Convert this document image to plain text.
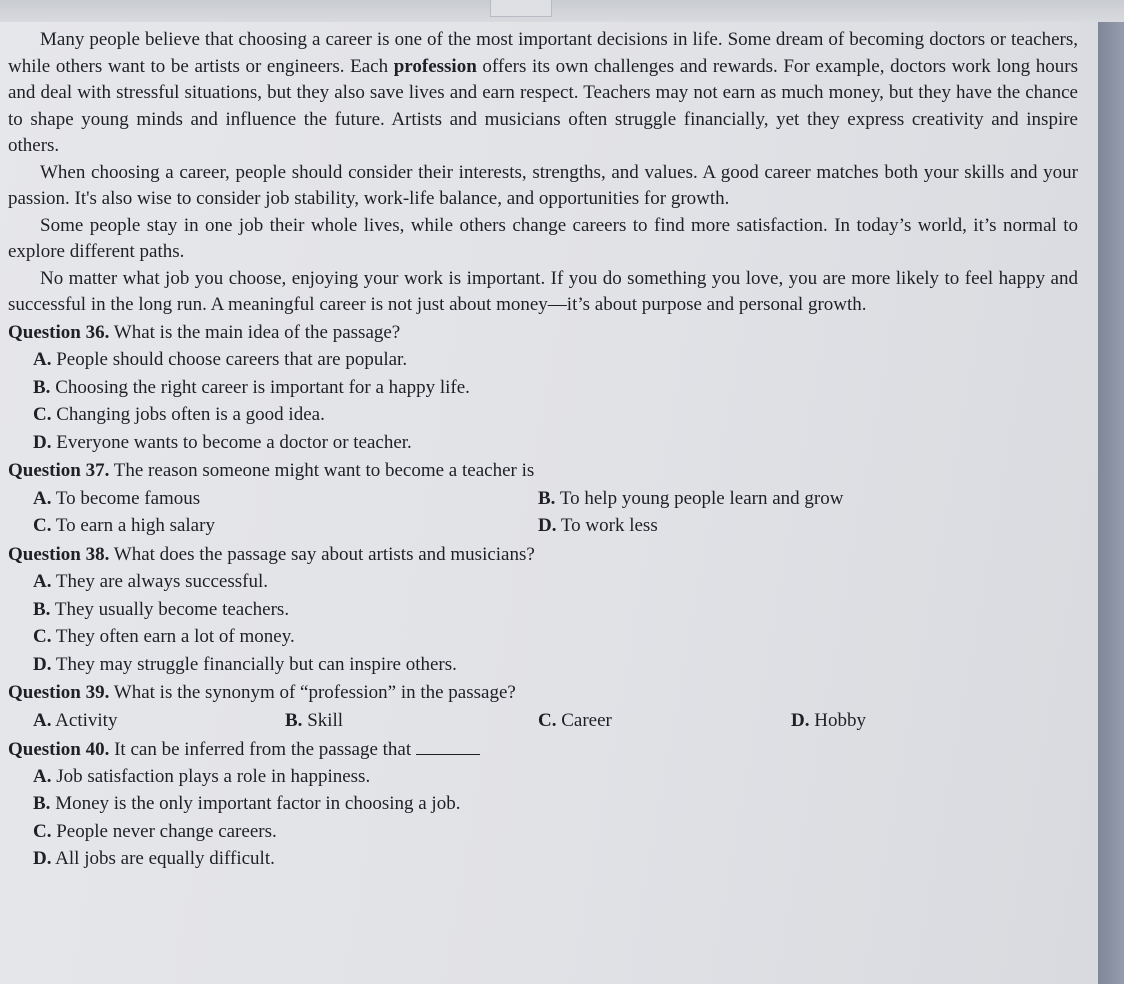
Many people believe that choosing a career is one of the most important decisions in life. Some dream of becoming doctors or teachers, while others want to be artists or engineers. Each profession offers its own challenges and rewards. For example, doctors work long hours and deal with stressful situations, but they also save lives and earn respect. Teachers may not earn as much money, but they have the chance to shape young minds and influence the future. Artists and musicians often struggle financially, yet they express creativity and inspire others.

When choosing a career, people should consider their interests, strengths, and values. A good career matches both your skills and your passion. It's also wise to consider job stability, work-life balance, and opportunities for growth.

Some people stay in one job their whole lives, while others change careers to find more satisfaction. In today’s world, it’s normal to explore different paths.

No matter what job you choose, enjoying your work is important. If you do something you love, you are more likely to feel happy and successful in the long run. A meaningful career is not just about money—it’s about purpose and personal growth.

Question 36. What is the main idea of the passage?

A. People should choose careers that are popular.

B. Choosing the right career is important for a happy life.

C. Changing jobs often is a good idea.

D. Everyone wants to become a doctor or teacher.

Question 37. The reason someone might want to become a teacher is

A. To become famous	B. To help young people learn and grow
C. To earn a high salary	D. To work less

Question 38. What does the passage say about artists and musicians?

A. They are always successful.

B. They usually become teachers.

C. They often earn a lot of money.

D. They may struggle financially but can inspire others.

Question 39. What is the synonym of “profession” in the passage?

A. Activity	B. Skill	C. Career	D. Hobby

Question 40. It can be inferred from the passage that

A. Job satisfaction plays a role in happiness.

B. Money is the only important factor in choosing a job.

C. People never change careers.

D. All jobs are equally difficult.
